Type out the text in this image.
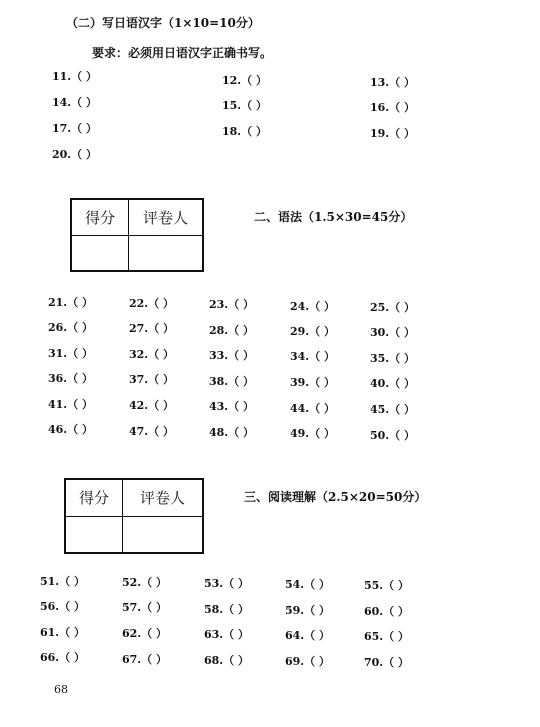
（二）写日语汉字（1×10=10分）
要求：必须用日语汉字正确书写。
11.（ ）	12.（ ）	13.（ ）
14.（ ）	15.（ ）	16.（ ）
17.（ ）	18.（ ）	19.（ ）
20.（ ）
得分	评卷人
		二、语法（1.5×30=45分）
21.（ ）	22.（ ）	23.（ ）	24.（ ）	25.（ ）
26.（ ）	27.（ ）	28.（ ）	29.（ ）	30.（ ）
31.（ ）	32.（ ）	33.（ ）	34.（ ）	35.（ ）
36.（ ）	37.（ ）	38.（ ）	39.（ ）	40.（ ）
41.（ ）	42.（ ）	43.（ ）	44.（ ）	45.（ ）
46.（ ）	47.（ ）	48.（ ）	49.（ ）	50.（ ）
得分	评卷人
		三、阅读理解（2.5×20=50分）
51.（ ）	52.（ ）	53.（ ）	54.（ ）	55.（ ）
56.（ ）	57.（ ）	58.（ ）	59.（ ）	60.（ ）
61.（ ）	62.（ ）	63.（ ）	64.（ ）	65.（ ）
66.（ ）	67.（ ）	68.（ ）	69.（ ）	70.（ ）
68
